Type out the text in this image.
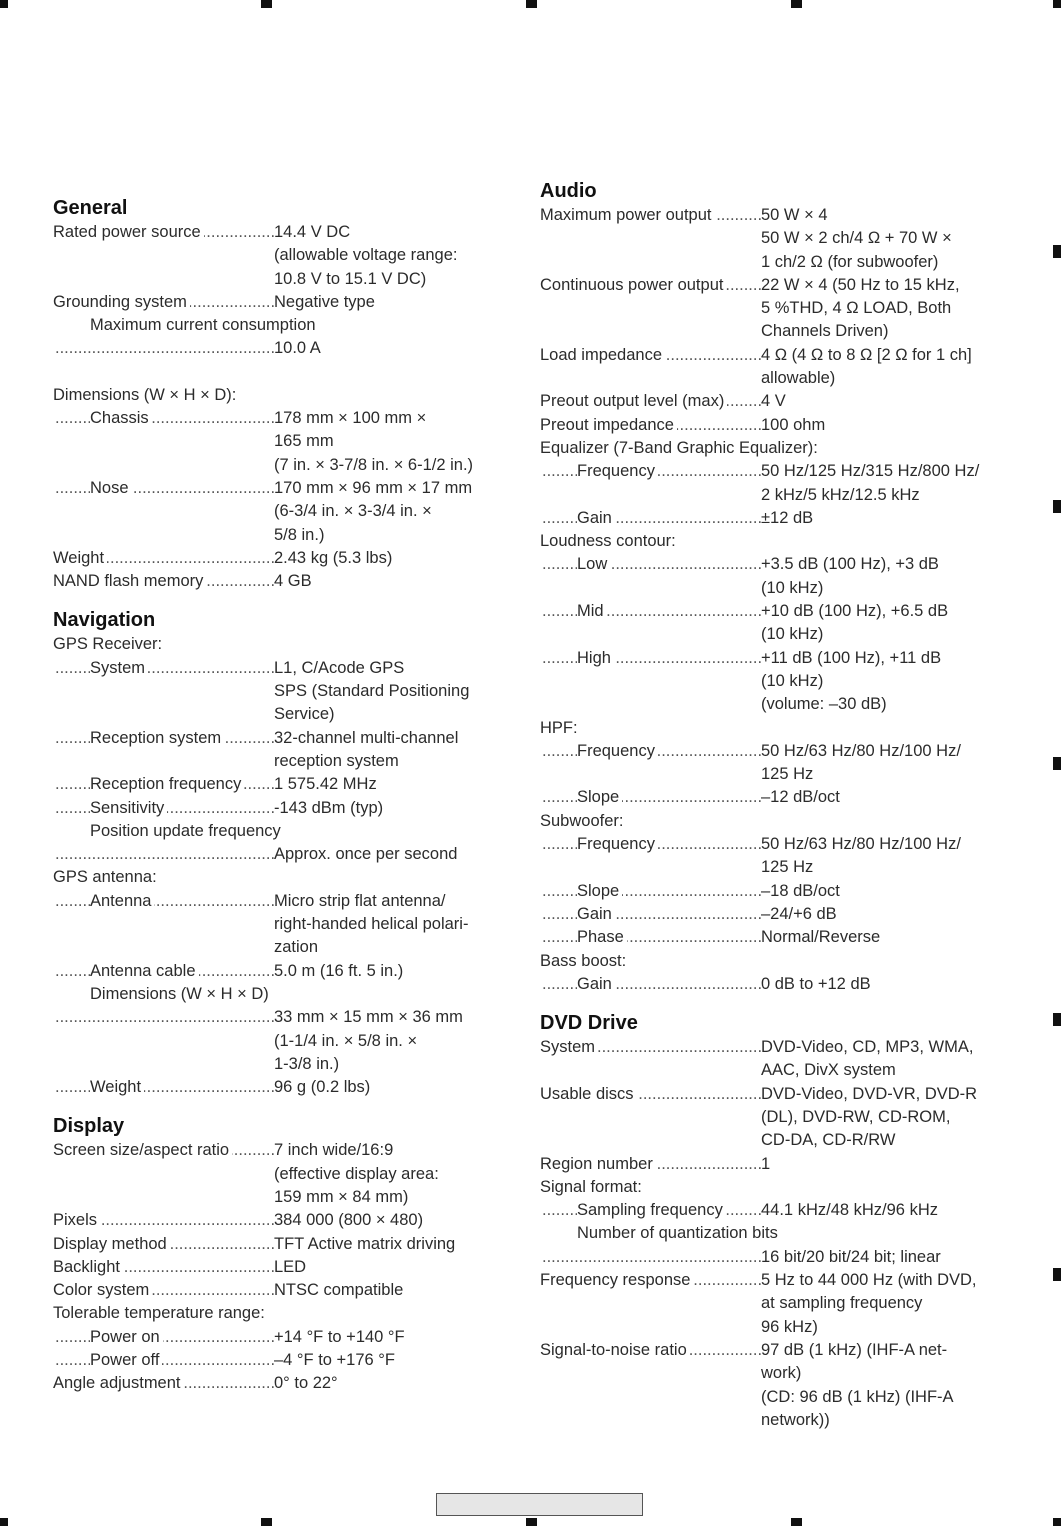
General
Rated power source .....	14.4 V DC
(allowable voltage range:
10.8 V to 15.1 V DC)
Grounding system .....	Negative type
Maximum current consumption
.....
10.0 A
Dimensions (W × H × D):
Chassis .....	178 mm × 100 mm ×
165 mm
(7 in. × 3-7/8 in. × 6-1/2 in.)
Nose .....	170 mm × 96 mm × 17 mm
(6-3/4 in. × 3-3/4 in. ×
5/8 in.)
Weight .....	2.43 kg (5.3 lbs)
NAND flash memory .....	4 GB
Navigation
GPS Receiver:
System .....	L1, C/Acode GPS
SPS (Standard Positioning
Service)
Reception system .....	32-channel multi-channel
reception system
Reception frequency .....	1 575.42 MHz
Sensitivity .....	-143 dBm (typ)
Position update frequency
.....
Approx. once per second
GPS antenna:
Antenna .....	Micro strip flat antenna/
right-handed helical polari-
zation
Antenna cable .....	5.0 m (16 ft. 5 in.)
Dimensions (W × H × D)
.....
33 mm × 15 mm × 36 mm
(1-1/4 in. × 5/8 in. ×
1-3/8 in.)
Weight .....	96 g (0.2 lbs)
Display
Screen size/aspect ratio .....	7 inch wide/16:9
(effective display area:
159 mm × 84 mm)
Pixels .....	384 000 (800 × 480)
Display method .....	TFT Active matrix driving
Backlight .....	LED
Color system .....	NTSC compatible
Tolerable temperature range:
Power on .....	+14 °F to +140 °F
Power off .....	–4 °F to +176 °F
Angle adjustment .....	0° to 22°
Audio
Maximum power output .....	50 W × 4
50 W × 2 ch/4 Ω + 70 W ×
1 ch/2 Ω (for subwoofer)
Continuous power output .....	22 W × 4 (50 Hz to 15 kHz,
5 %THD, 4 Ω LOAD, Both
Channels Driven)
Load impedance .....	4 Ω (4 Ω to 8 Ω [2 Ω for 1 ch]
allowable)
Preout output level (max) .....	4 V
Preout impedance .....	100 ohm
Equalizer (7-Band Graphic Equalizer):
Frequency .....	50 Hz/125 Hz/315 Hz/800 Hz/
2 kHz/5 kHz/12.5 kHz
Gain .....	±12 dB
Loudness contour:
Low .....	+3.5 dB (100 Hz), +3 dB
(10 kHz)
Mid .....	+10 dB (100 Hz), +6.5 dB
(10 kHz)
High .....	+11 dB (100 Hz), +11 dB
(10 kHz)
(volume: –30 dB)
HPF:
Frequency .....	50 Hz/63 Hz/80 Hz/100 Hz/
125 Hz
Slope .....	–12 dB/oct
Subwoofer:
Frequency .....	50 Hz/63 Hz/80 Hz/100 Hz/
125 Hz
Slope .....	–18 dB/oct
Gain .....	–24/+6 dB
Phase .....	Normal/Reverse
Bass boost:
Gain .....	0 dB to +12 dB
DVD Drive
System .....	DVD-Video, CD, MP3, WMA,
AAC, DivX system
Usable discs .....	DVD-Video, DVD-VR, DVD-R
(DL), DVD-RW, CD-ROM,
CD-DA, CD-R/RW
Region number .....	1
Signal format:
Sampling frequency .....	44.1 kHz/48 kHz/96 kHz
Number of quantization bits
.....
16 bit/20 bit/24 bit; linear
Frequency response .....	5 Hz to 44 000 Hz (with DVD,
at sampling frequency
96 kHz)
Signal-to-noise ratio .....	97 dB (1 kHz) (IHF-A net-
work)
(CD: 96 dB (1 kHz) (IHF-A
network))
